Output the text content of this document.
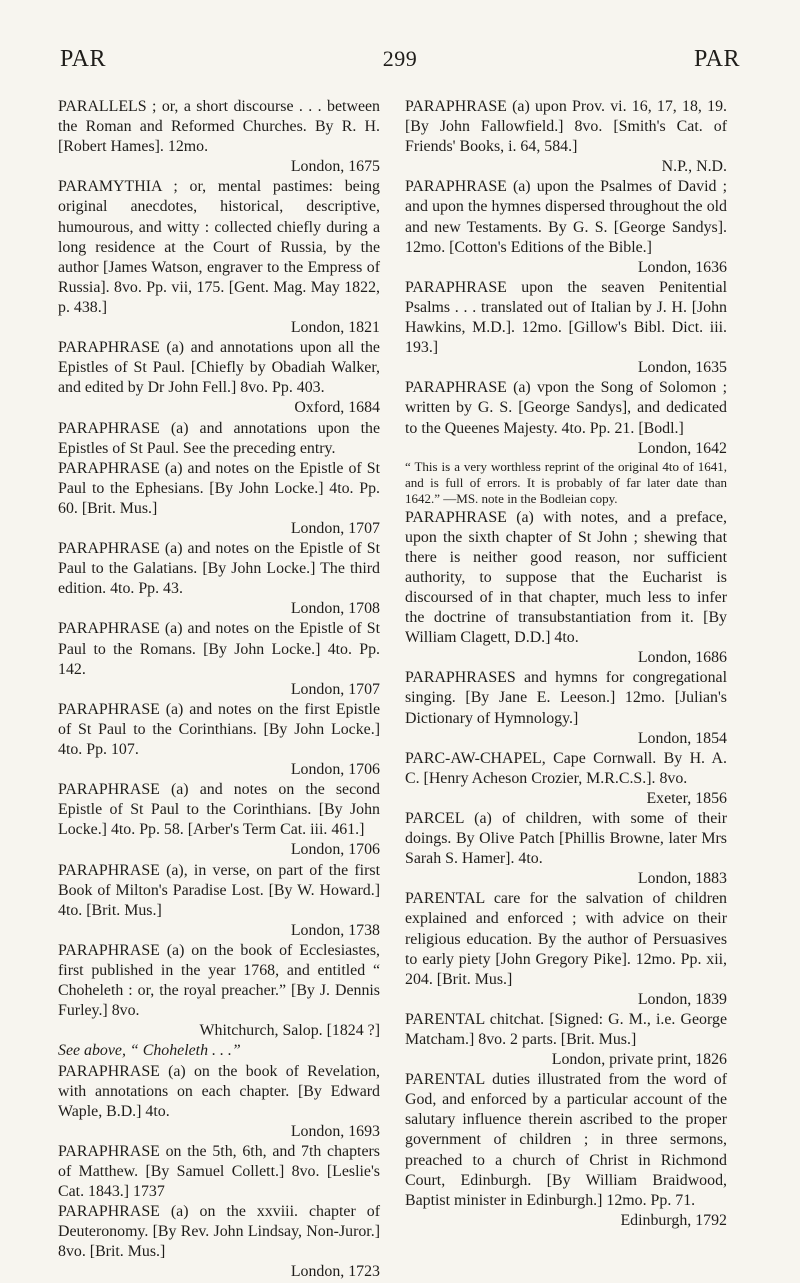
PAR	299	PAR

PARALLELS ; or, a short discourse . . . between the Roman and Reformed Churches. By R. H. [Robert Hames]. 12mo.

London, 1675

PARAMYTHIA ; or, mental pastimes: being original anecdotes, historical, descriptive, humourous, and witty : collected chiefly during a long residence at the Court of Russia, by the author [James Watson, engraver to the Empress of Russia]. 8vo. Pp. vii, 175. [Gent. Mag. May 1822, p. 438.]

London, 1821

PARAPHRASE (a) and annotations upon all the Epistles of St Paul. [Chiefly by Obadiah Walker, and edited by Dr John Fell.] 8vo. Pp. 403.

Oxford, 1684

PARAPHRASE (a) and annotations upon the Epistles of St Paul. See the preceding entry.

PARAPHRASE (a) and notes on the Epistle of St Paul to the Ephesians. [By John Locke.] 4to. Pp. 60. [Brit. Mus.]

London, 1707

PARAPHRASE (a) and notes on the Epistle of St Paul to the Galatians. [By John Locke.] The third edition. 4to. Pp. 43.

London, 1708

PARAPHRASE (a) and notes on the Epistle of St Paul to the Romans. [By John Locke.] 4to. Pp. 142.

London, 1707

PARAPHRASE (a) and notes on the first Epistle of St Paul to the Corinthians. [By John Locke.] 4to. Pp. 107.

London, 1706

PARAPHRASE (a) and notes on the second Epistle of St Paul to the Corinthians. [By John Locke.] 4to. Pp. 58. [Arber's Term Cat. iii. 461.]

London, 1706

PARAPHRASE (a), in verse, on part of the first Book of Milton's Paradise Lost. [By W. Howard.] 4to. [Brit. Mus.]

London, 1738

PARAPHRASE (a) on the book of Ecclesiastes, first published in the year 1768, and entitled “ Choheleth : or, the royal preacher.” [By J. Dennis Furley.] 8vo.

Whitchurch, Salop. [1824 ?]
See above, “ Choheleth . . .”

PARAPHRASE (a) on the book of Revelation, with annotations on each chapter. [By Edward Waple, B.D.] 4to.

London, 1693

PARAPHRASE on the 5th, 6th, and 7th chapters of Matthew. [By Samuel Collett.] 8vo. [Leslie's Cat. 1843.] 1737

PARAPHRASE (a) on the xxviii. chapter of Deuteronomy. [By Rev. John Lindsay, Non-Juror.] 8vo. [Brit. Mus.]

London, 1723

PARAPHRASE (a) upon Prov. vi. 16, 17, 18, 19. [By John Fallowfield.] 8vo. [Smith's Cat. of Friends' Books, i. 64, 584.]

N.P., N.D.

PARAPHRASE (a) upon the Psalmes of David ; and upon the hymnes dispersed throughout the old and new Testaments. By G. S. [George Sandys]. 12mo. [Cotton's Editions of the Bible.]

London, 1636

PARAPHRASE upon the seaven Penitential Psalms . . . translated out of Italian by J. H. [John Hawkins, M.D.]. 12mo. [Gillow's Bibl. Dict. iii. 193.]

London, 1635

PARAPHRASE (a) vpon the Song of Solomon ; written by G. S. [George Sandys], and dedicated to the Queenes Majesty. 4to. Pp. 21. [Bodl.]

London, 1642
“ This is a very worthless reprint of the original 4to of 1641, and is full of errors. It is probably of far later date than 1642.” —MS. note in the Bodleian copy.

PARAPHRASE (a) with notes, and a preface, upon the sixth chapter of St John ; shewing that there is neither good reason, nor sufficient authority, to suppose that the Eucharist is discoursed of in that chapter, much less to infer the doctrine of transubstantiation from it. [By William Clagett, D.D.] 4to.

London, 1686

PARAPHRASES and hymns for congregational singing. [By Jane E. Leeson.] 12mo. [Julian's Dictionary of Hymnology.]

London, 1854

PARC-AW-CHAPEL, Cape Cornwall. By H. A. C. [Henry Acheson Crozier, M.R.C.S.]. 8vo.

Exeter, 1856

PARCEL (a) of children, with some of their doings. By Olive Patch [Phillis Browne, later Mrs Sarah S. Hamer]. 4to.

London, 1883

PARENTAL care for the salvation of children explained and enforced ; with advice on their religious education. By the author of Persuasives to early piety [John Gregory Pike]. 12mo. Pp. xii, 204. [Brit. Mus.]

London, 1839

PARENTAL chitchat. [Signed: G. M., i.e. George Matcham.] 8vo. 2 parts. [Brit. Mus.]

London, private print, 1826

PARENTAL duties illustrated from the word of God, and enforced by a particular account of the salutary influence therein ascribed to the proper government of children ; in three sermons, preached to a church of Christ in Richmond Court, Edinburgh. [By William Braidwood, Baptist minister in Edinburgh.] 12mo. Pp. 71.

Edinburgh, 1792
